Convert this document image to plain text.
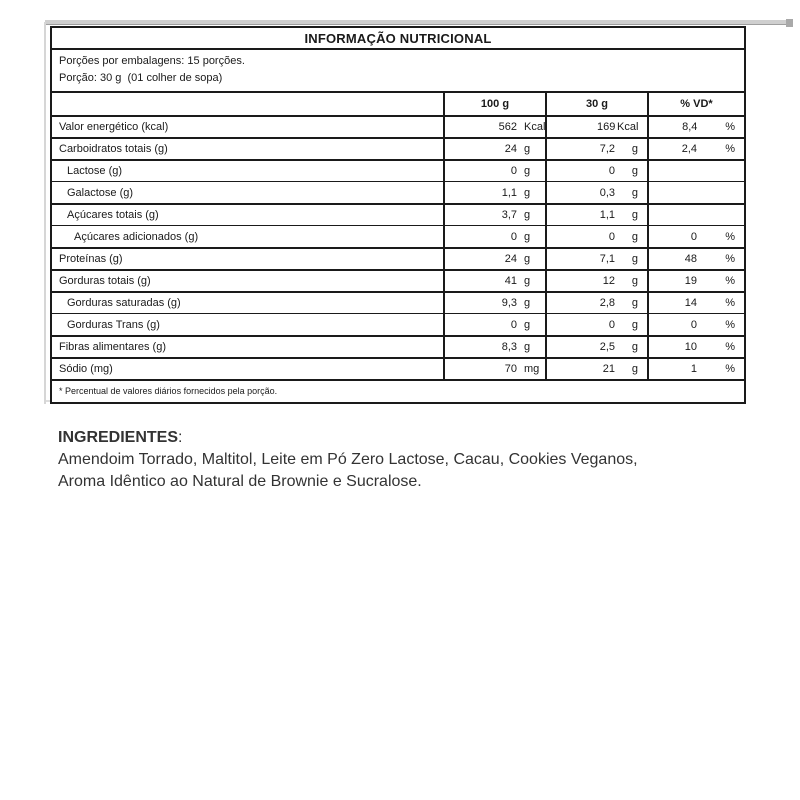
INFORMAÇÃO NUTRICIONAL
Porções por embalagens: 15 porções.
Porção: 30 g  (01 colher de sopa)
100 g	30 g	% VD*
Valor energético (kcal)	562 Kcal	169 Kcal	8,4	%
Carboidratos totais (g)	24 g	7,2	g	2,4	%
Lactose (g)	0 g	0	g
Galactose (g)	1,1 g	0,3	g
Açúcares totais (g)	3,7 g	1,1	g
Açúcares adicionados (g)	0 g	0	g	0	%
Proteínas (g)	24 g	7,1	g	48	%
Gorduras totais (g)	41 g	12	g	19	%
Gorduras saturadas (g)	9,3 g	2,8	g	14	%
Gorduras Trans (g)	0 g	0	g	0	%
Fibras alimentares (g)	8,3 g	2,5	g	10	%
Sódio (mg)	70 mg	21	g	1	%
* Percentual de valores diários fornecidos pela porção.
INGREDIENTES:
Amendoim Torrado, Maltitol, Leite em Pó Zero Lactose, Cacau, Cookies Veganos,
Aroma Idêntico ao Natural de Brownie e Sucralose.
